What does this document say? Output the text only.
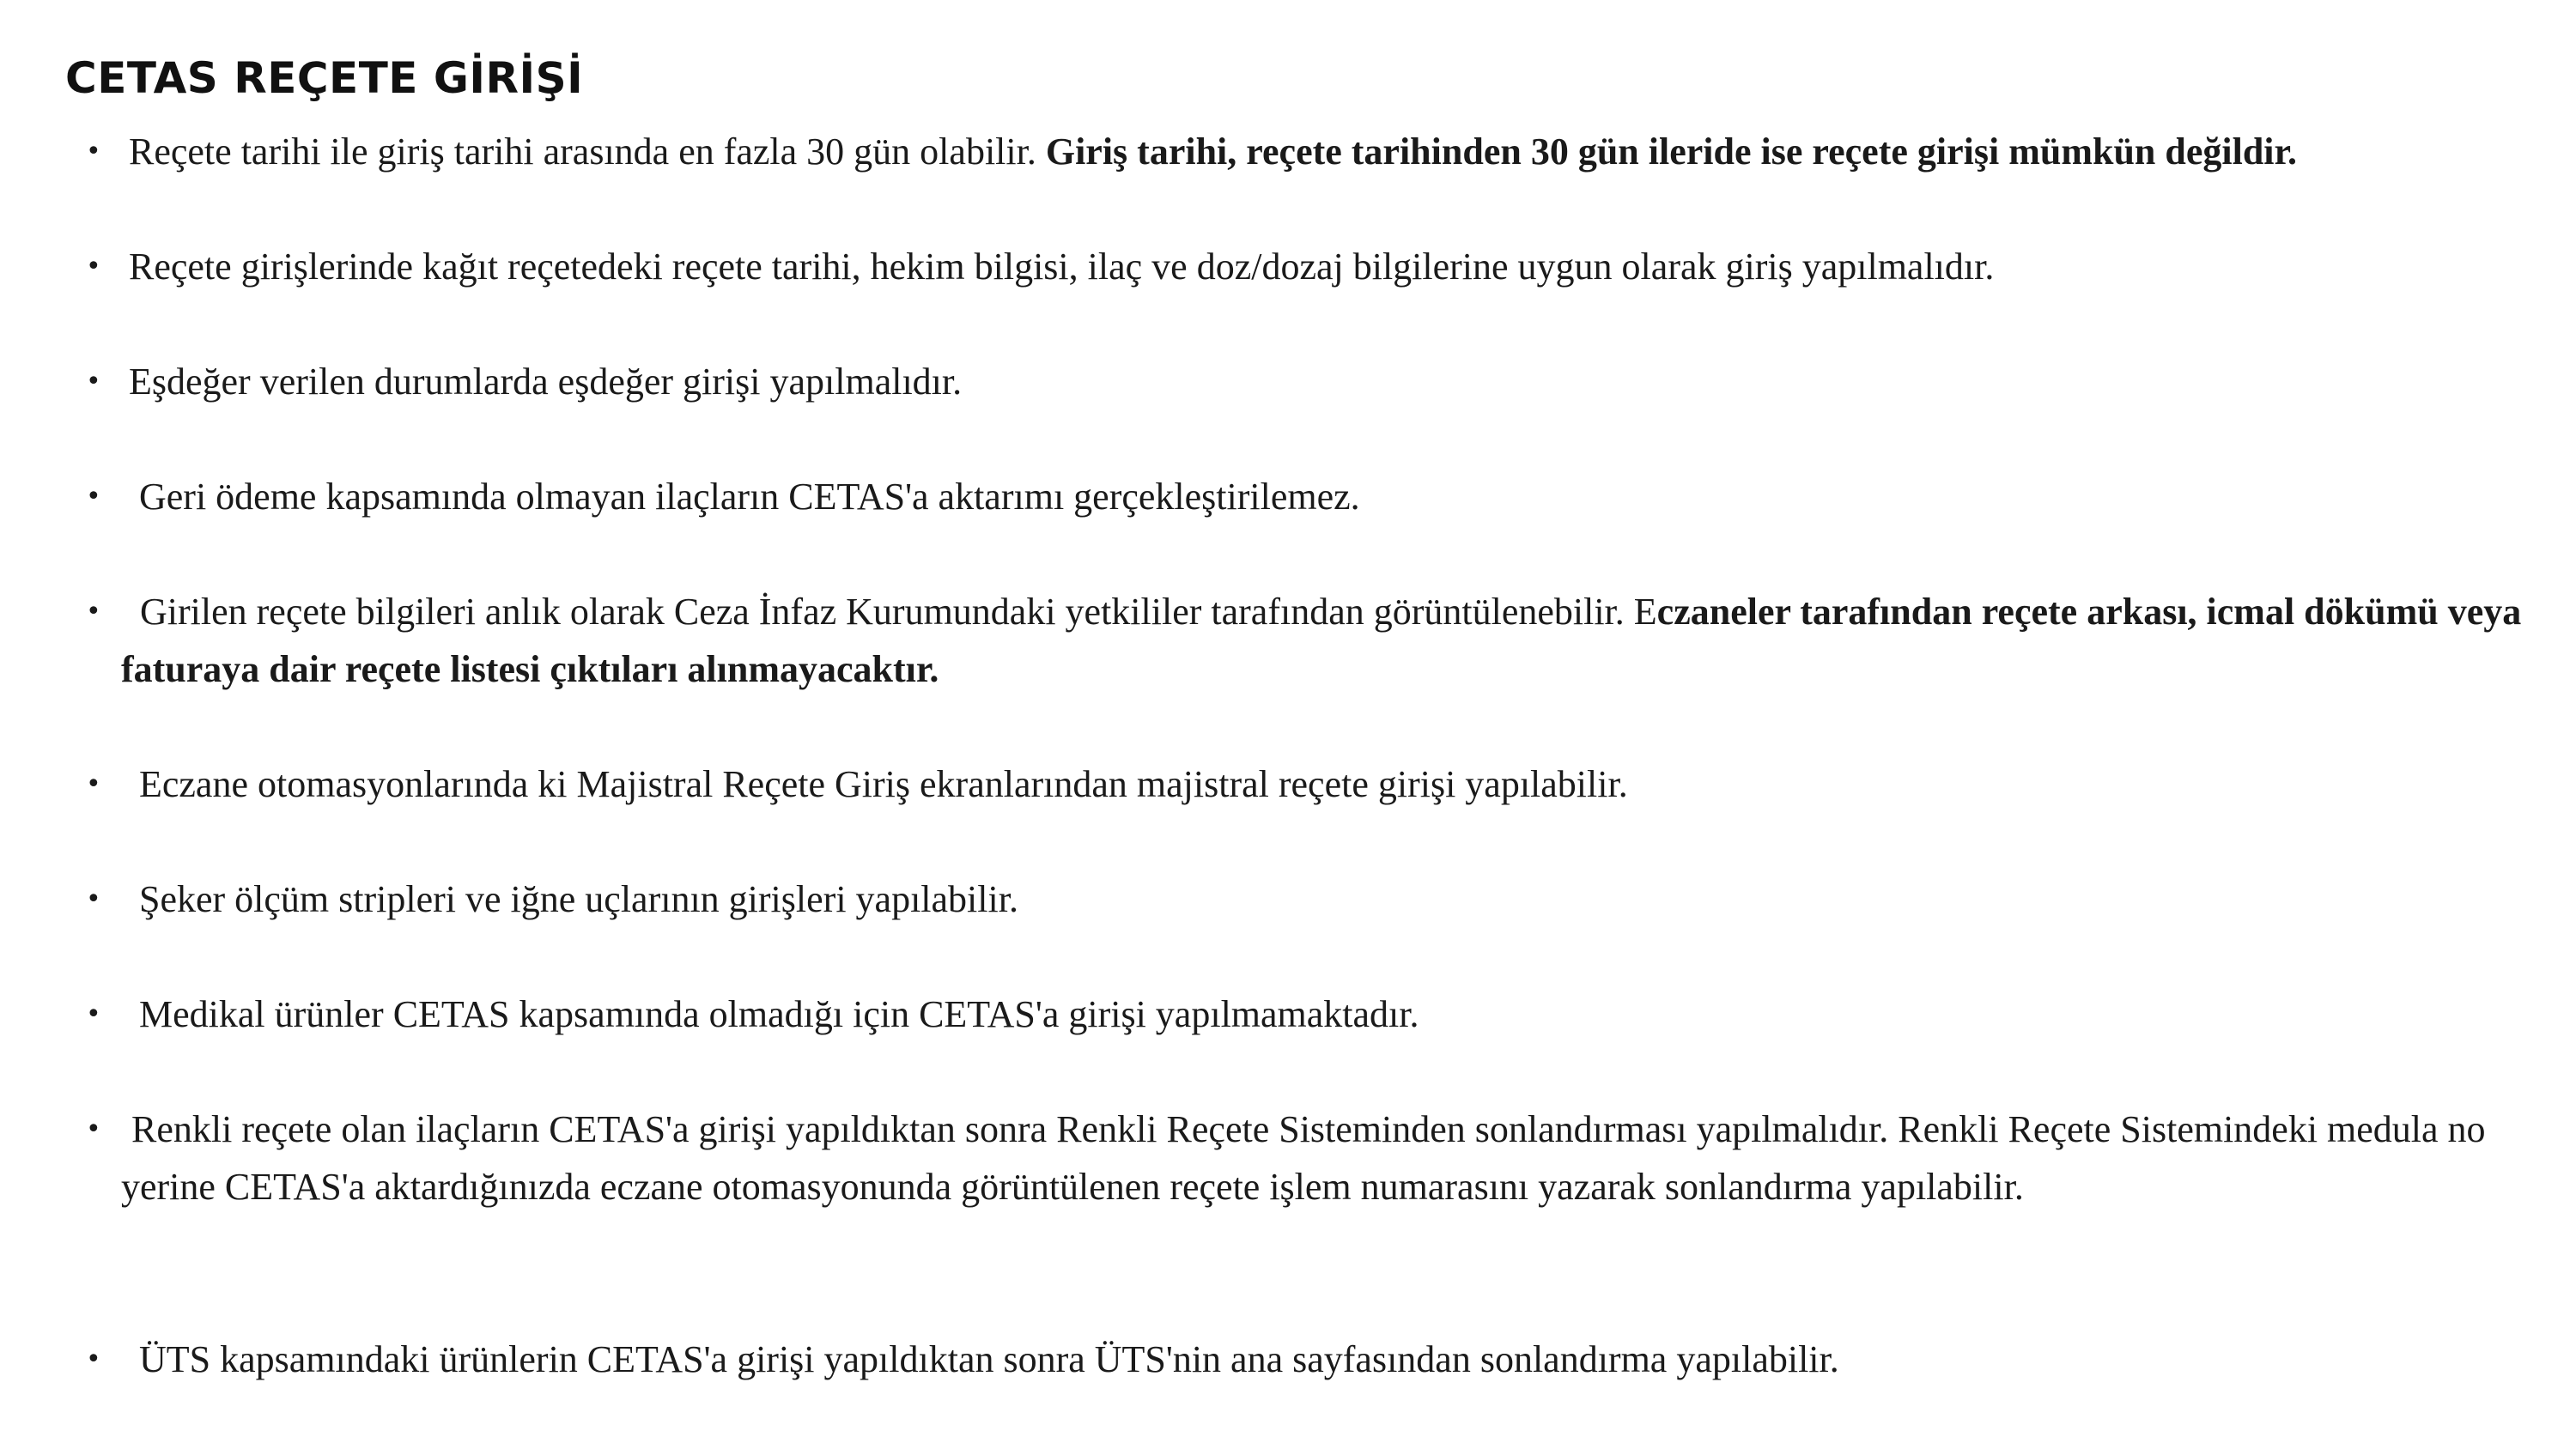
CETAS REÇETE GİRİŞİ
• Reçete tarihi ile giriş tarihi arasında en fazla 30 gün olabilir. Giriş tarihi, reçete tarihinden 30 gün ileride ise reçete girişi mümkün değildir.
• Reçete girişlerinde kağıt reçetedeki reçete tarihi, hekim bilgisi, ilaç ve doz/dozaj bilgilerine uygun olarak giriş yapılmalıdır.
• Eşdeğer verilen durumlarda eşdeğer girişi yapılmalıdır.
•	Geri ödeme kapsamında olmayan ilaçların CETAS'a aktarımı gerçekleştirilemez.
•	Girilen reçete bilgileri anlık olarak Ceza İnfaz Kurumundaki yetkililer tarafından görüntülenebilir. Eczaneler tarafından reçete arkası, icmal dökümü veya faturaya dair reçete listesi çıktıları alınmayacaktır.
•	Eczane otomasyonlarında ki Majistral Reçete Giriş ekranlarından majistral reçete girişi yapılabilir.
•	Şeker ölçüm stripleri ve iğne uçlarının girişleri yapılabilir.
•	Medikal ürünler CETAS kapsamında olmadığı için CETAS'a girişi yapılmamaktadır.
• Renkli reçete olan ilaçların CETAS'a girişi yapıldıktan sonra Renkli Reçete Sisteminden sonlandırması yapılmalıdır. Renkli Reçete Sistemindeki medula no yerine CETAS'a aktardığınızda eczane otomasyonunda görüntülenen reçete işlem numarasını yazarak sonlandırma yapılabilir.
•	ÜTS kapsamındaki ürünlerin CETAS'a girişi yapıldıktan sonra ÜTS'nin ana sayfasından sonlandırma yapılabilir.
